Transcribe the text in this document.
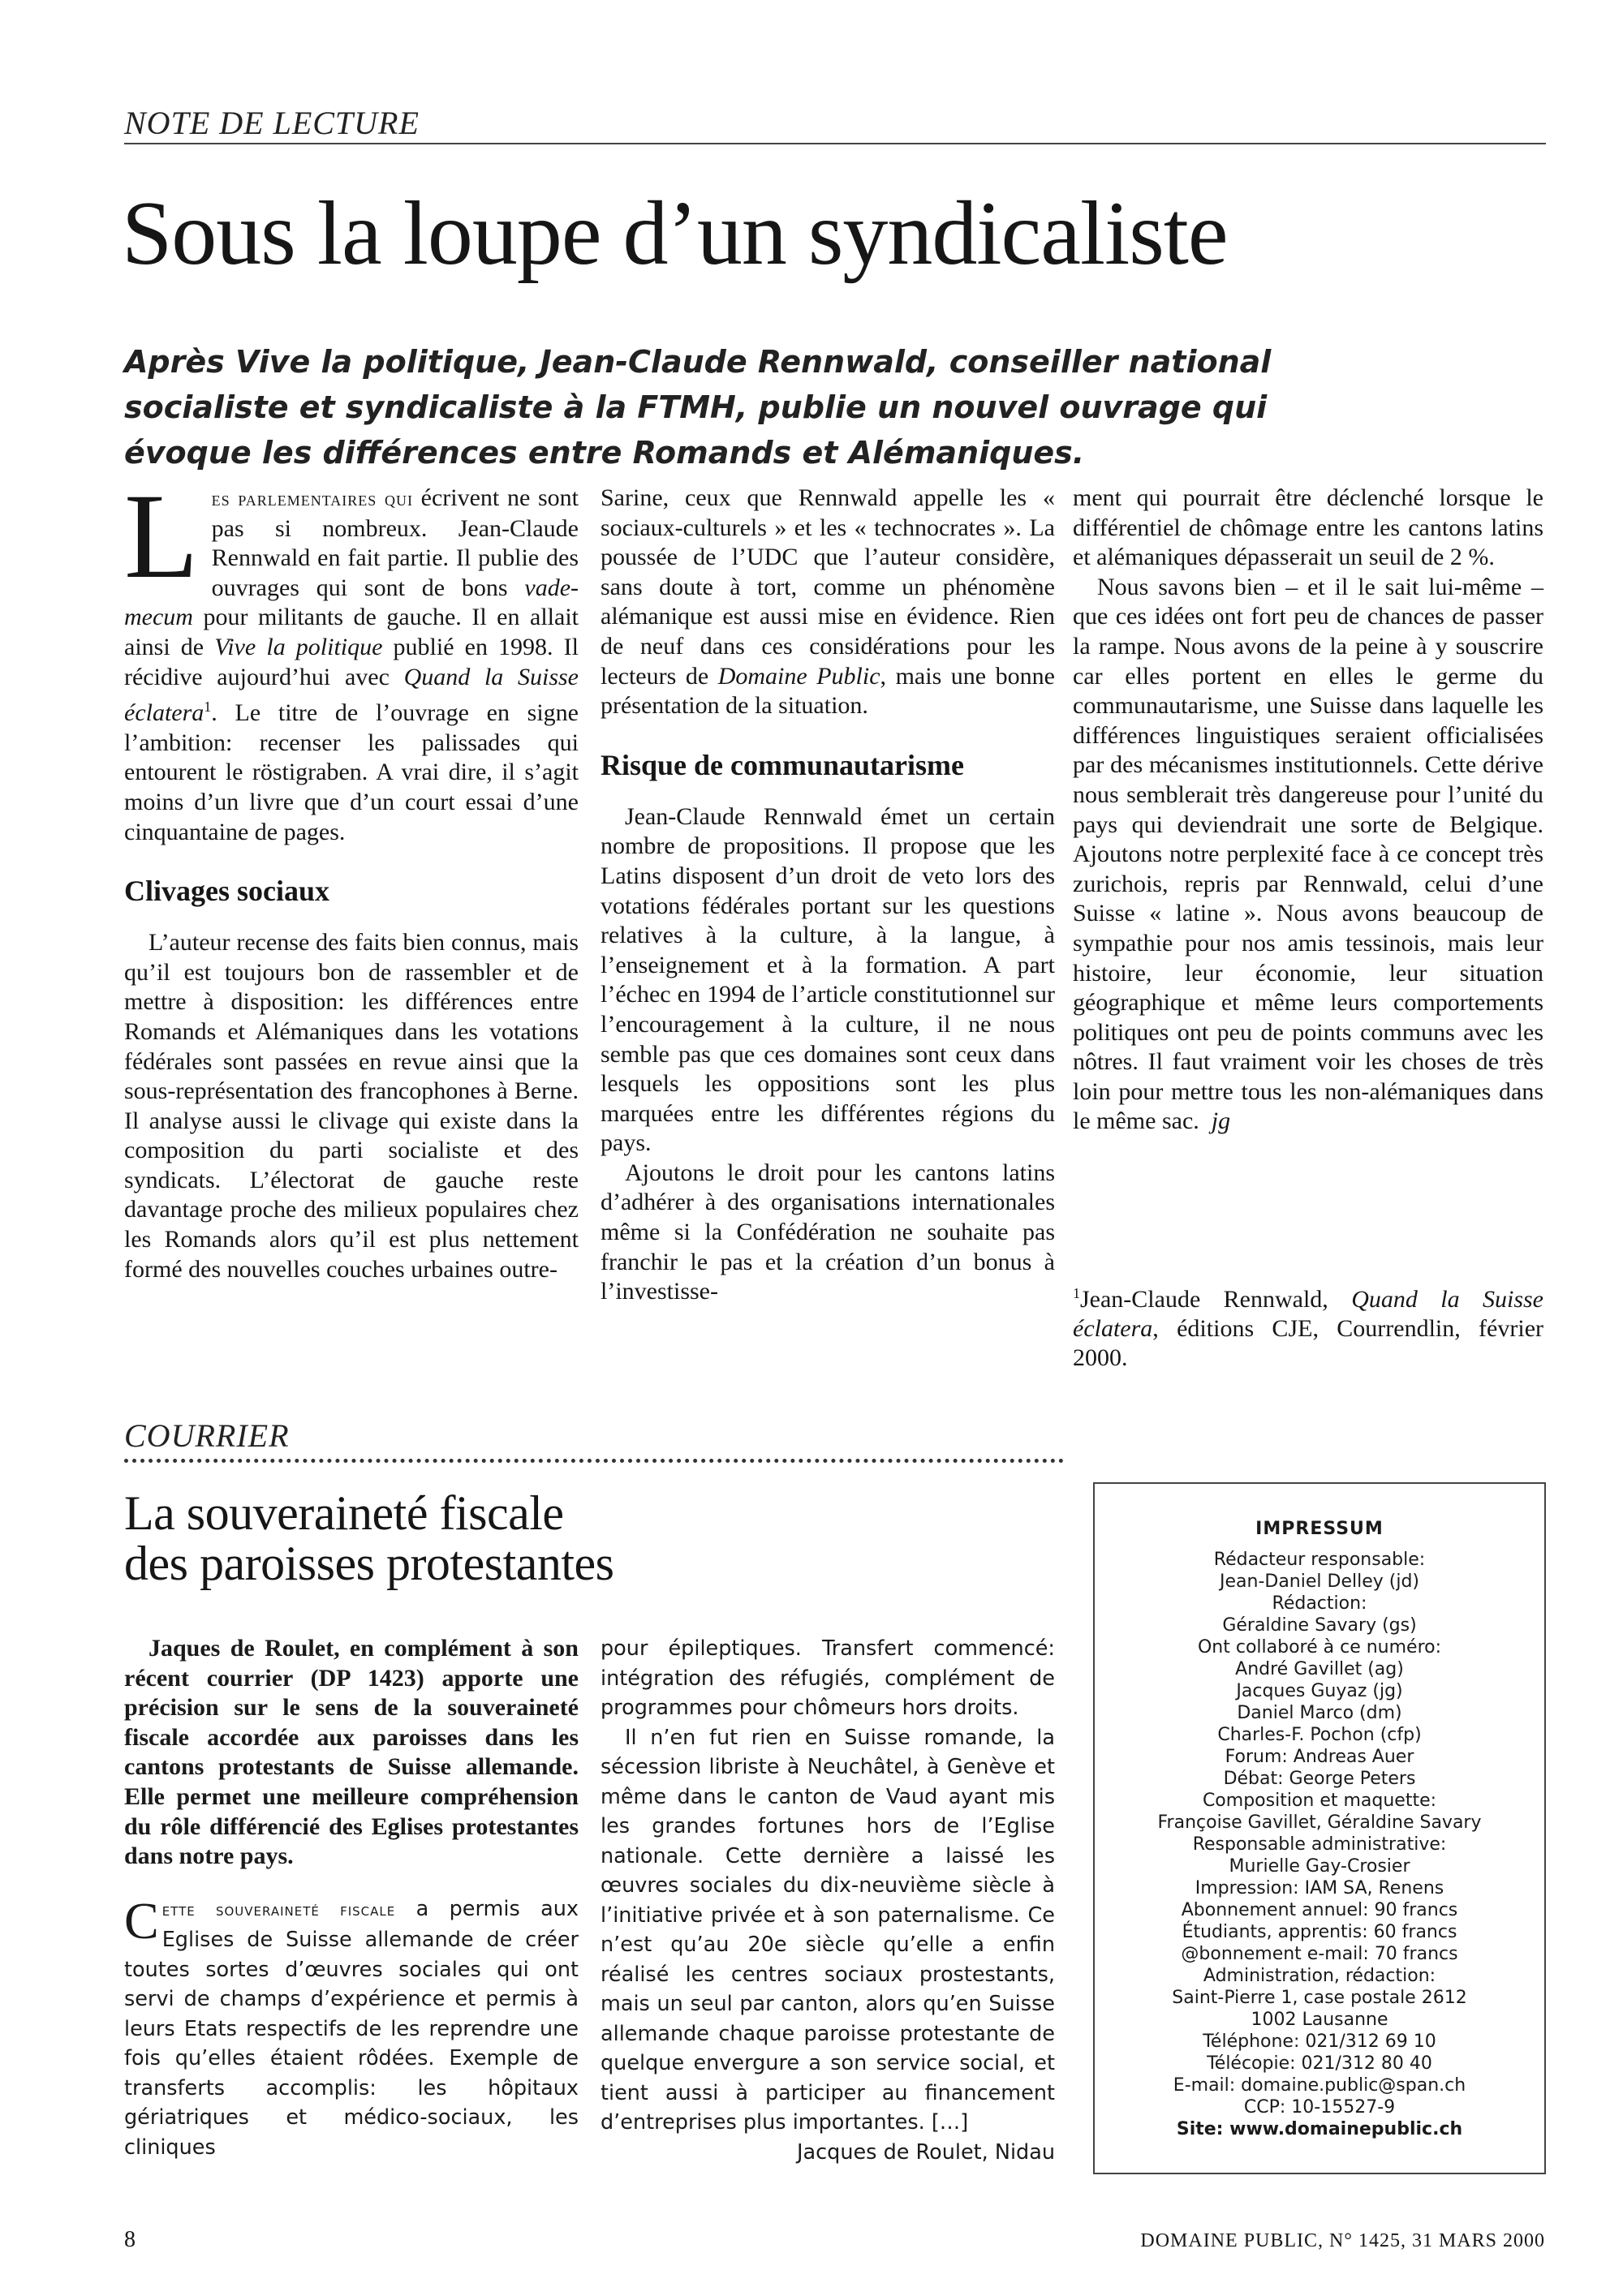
NOTE DE LECTURE
Sous la loupe d’un syndicaliste
Après Vive la politique, Jean-Claude Rennwald, conseiller national socialiste et syndicaliste à la FTMH, publie un nouvel ouvrage qui évoque les différences entre Romands et Alémaniques.

Les parlementaires qui écrivent ne sont pas si nombreux. Jean-Claude Rennwald en fait partie. Il publie des ouvrages qui sont de bons vade-mecum pour militants de gauche. Il en allait ainsi de Vive la politique publié en 1998. Il récidive aujourd’hui avec Quand la Suisse éclatera$^1$. Le titre de l’ouvrage en signe l’ambition: recenser les palissades qui entourent le röstigraben. A vrai dire, il s’agit moins d’un livre que d’un court essai d’une cinquantaine de pages.

Clivages sociaux

L’auteur recense des faits bien connus, mais qu’il est toujours bon de rassembler et de mettre à disposition: les différences entre Romands et Alémaniques dans les votations fédérales sont passées en revue ainsi que la sous-représentation des francophones à Berne. Il analyse aussi le clivage qui existe dans la composition du parti socialiste et des syndicats. L’électorat de gauche reste davantage proche des milieux populaires chez les Romands alors qu’il est plus nettement formé des nouvelles couches urbaines outre-

Sarine, ceux que Rennwald appelle les « sociaux-culturels » et les « technocrates ». La poussée de l’UDC que l’auteur considère, sans doute à tort, comme un phénomène alémanique est aussi mise en évidence. Rien de neuf dans ces considérations pour les lecteurs de Domaine Public, mais une bonne présentation de la situation.

Risque de communautarisme

Jean-Claude Rennwald émet un certain nombre de propositions. Il propose que les Latins disposent d’un droit de veto lors des votations fédérales portant sur les questions relatives à la culture, à la langue, à l’enseignement et à la formation. A part l’échec en 1994 de l’article constitutionnel sur l’encouragement à la culture, il ne nous semble pas que ces domaines sont ceux dans lesquels les oppositions sont les plus marquées entre les différentes régions du pays.

Ajoutons le droit pour les cantons latins d’adhérer à des organisations internationales même si la Confédération ne souhaite pas franchir le pas et la création d’un bonus à l’investisse-

ment qui pourrait être déclenché lorsque le différentiel de chômage entre les cantons latins et alémaniques dépasserait un seuil de 2 %.

Nous savons bien – et il le sait lui-même – que ces idées ont fort peu de chances de passer la rampe. Nous avons de la peine à y souscrire car elles portent en elles le germe du communautarisme, une Suisse dans laquelle les différences linguistiques seraient officialisées par des mécanismes institutionnels. Cette dérive nous semblerait très dangereuse pour l’unité du pays qui deviendrait une sorte de Belgique. Ajoutons notre perplexité face à ce concept très zurichois, repris par Rennwald, celui d’une Suisse « latine ». Nous avons beaucoup de sympathie pour nos amis tessinois, mais leur histoire, leur économie, leur situation géographique et même leurs comportements politiques ont peu de points communs avec les nôtres. Il faut vraiment voir les choses de très loin pour mettre tous les non-alémaniques dans le même sac. jg

$^1$Jean-Claude Rennwald, Quand la Suisse éclatera, éditions CJE, Courrendlin, février 2000.
COURRIER
La souveraineté fiscale
des paroisses protestantes

Jaques de Roulet, en complément à son récent courrier (DP 1423) apporte une précision sur le sens de la souveraineté fiscale accordée aux paroisses dans les cantons protestants de Suisse allemande. Elle permet une meilleure compréhension du rôle différencié des Eglises protestantes dans notre pays.

Cette souveraineté fiscale a permis aux Eglises de Suisse allemande de créer toutes sortes d’œuvres sociales qui ont servi de champs d’expérience et permis à leurs Etats respectifs de les reprendre une fois qu’elles étaient rôdées. Exemple de transferts accomplis: les hôpitaux gériatriques et médico-sociaux, les cliniques

pour épileptiques. Transfert commencé: intégration des réfugiés, complément de programmes pour chômeurs hors droits.

Il n’en fut rien en Suisse romande, la sécession libriste à Neuchâtel, à Genève et même dans le canton de Vaud ayant mis les grandes fortunes hors de l’Eglise nationale. Cette dernière a laissé les œuvres sociales du dix-neuvième siècle à l’initiative privée et à son paternalisme. Ce n’est qu’au 20e siècle qu’elle a enfin réalisé les centres sociaux prostestants, mais un seul par canton, alors qu’en Suisse allemande chaque paroisse protestante de quelque envergure a son service social, et tient aussi à participer au financement d’entreprises plus importantes. […]

Jacques de Roulet, Nidau

IMPRESSUM
Rédacteur responsable:
Jean-Daniel Delley (jd)
Rédaction:
Géraldine Savary (gs)
Ont collaboré à ce numéro:
André Gavillet (ag)
Jacques Guyaz (jg)
Daniel Marco (dm)
Charles-F. Pochon (cfp)
Forum: Andreas Auer
Débat: George Peters
Composition et maquette:
Françoise Gavillet, Géraldine Savary
Responsable administrative:
Murielle Gay-Crosier
Impression: IAM SA, Renens
Abonnement annuel: 90 francs
Étudiants, apprentis: 60 francs
@bonnement e-mail: 70 francs
Administration, rédaction:
Saint-Pierre 1, case postale 2612
1002 Lausanne
Téléphone: 021/312 69 10
Télécopie: 021/312 80 40
E-mail: domaine.public@span.ch
CCP: 10-15527-9
Site: www.domainepublic.ch
8	DOMAINE PUBLIC, N° 1425, 31 MARS 2000
